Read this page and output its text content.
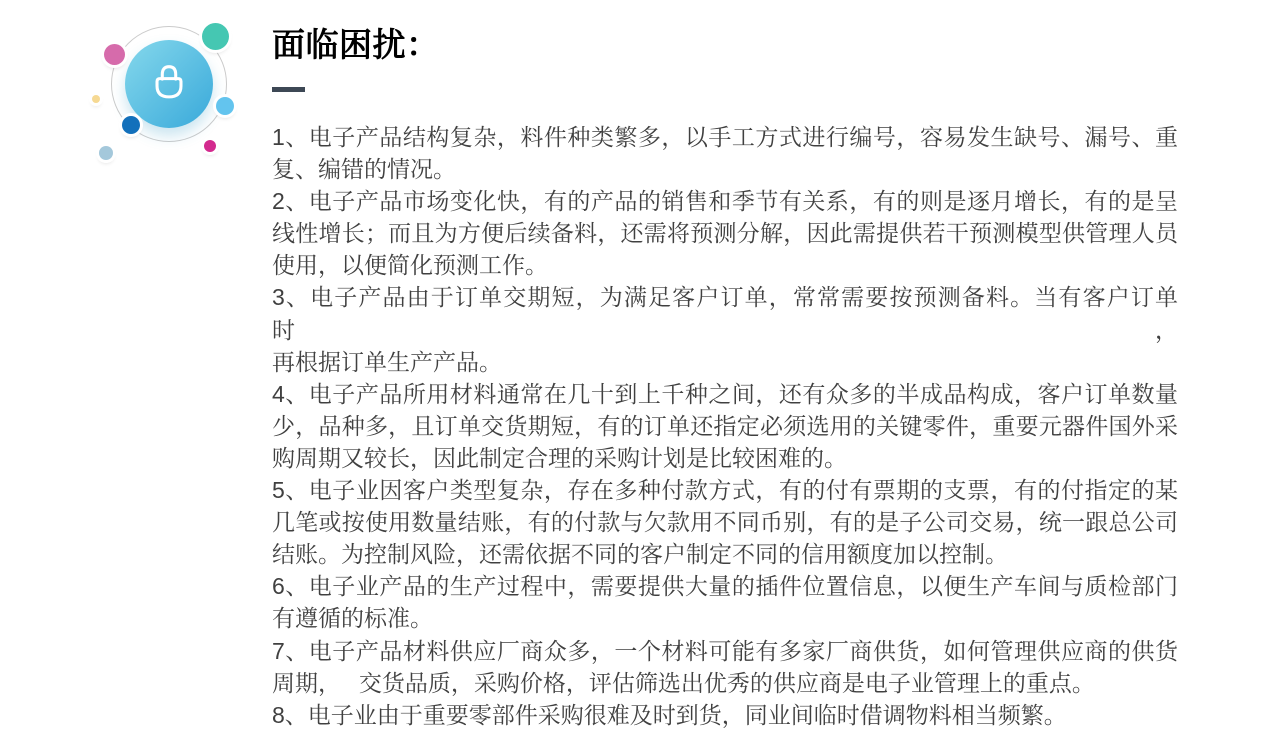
面临困扰：

1、电子产品结构复杂，料件种类繁多，以手工方式进行编号，容易发生缺号、漏号、重
复、编错的情况。

2、电子产品市场变化快，有的产品的销售和季节有关系，有的则是逐月增长，有的是呈
线性增长；而且为方便后续备料，还需将预测分解，因此需提供若干预测模型供管理人员
使用，以便简化预测工作。

3、电子产品由于订单交期短，为满足客户订单，常常需要按预测备料。当有客户订单时，
再根据订单生产产品。

4、电子产品所用材料通常在几十到上千种之间，还有众多的半成品构成，客户订单数量
少，品种多，且订单交货期短，有的订单还指定必须选用的关键零件，重要元器件国外采
购周期又较长，因此制定合理的采购计划是比较困难的。

5、电子业因客户类型复杂，存在多种付款方式，有的付有票期的支票，有的付指定的某
几笔或按使用数量结账，有的付款与欠款用不同币别，有的是子公司交易，统一跟总公司
结账。为控制风险，还需依据不同的客户制定不同的信用额度加以控制。

6、电子业产品的生产过程中，需要提供大量的插件位置信息，以便生产车间与质检部门
有遵循的标准。

7、电子产品材料供应厂商众多，一个材料可能有多家厂商供货，如何管理供应商的供货
周期，　 交货品质，采购价格，评估筛选出优秀的供应商是电子业管理上的重点。

8、电子业由于重要零部件采购很难及时到货，同业间临时借调物料相当频繁。
